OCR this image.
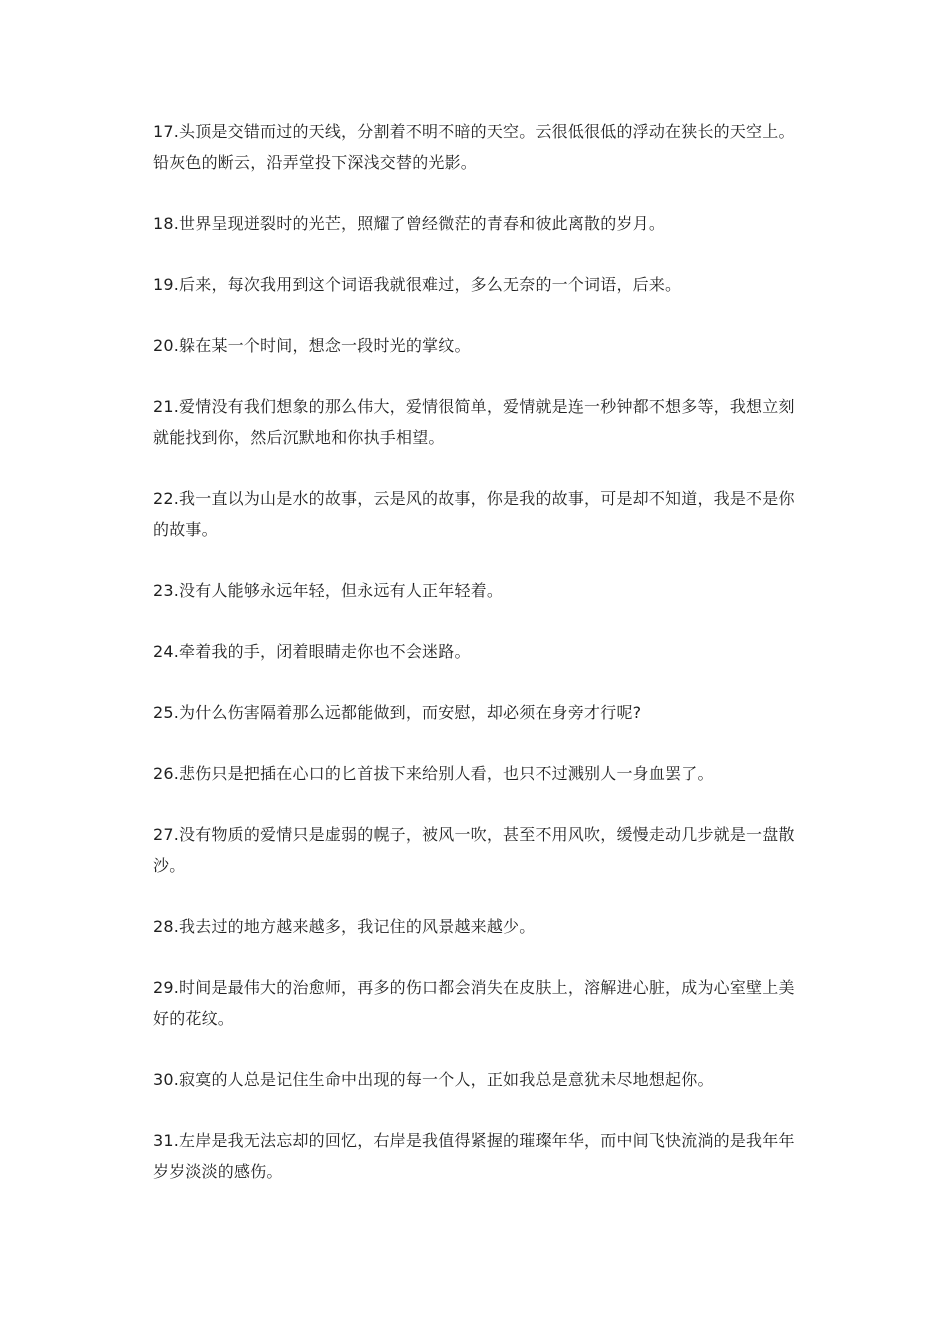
17.头顶是交错而过的天线，分割着不明不暗的天空。云很低很低的浮动在狭长的天空上。铅灰色的断云，沿弄堂投下深浅交替的光影。

18.世界呈现迸裂时的光芒，照耀了曾经微茫的青春和彼此离散的岁月。

19.后来，每次我用到这个词语我就很难过，多么无奈的一个词语，后来。

20.躲在某一个时间，想念一段时光的掌纹。

21.爱情没有我们想象的那么伟大，爱情很简单，爱情就是连一秒钟都不想多等，我想立刻就能找到你，然后沉默地和你执手相望。

22.我一直以为山是水的故事，云是风的故事，你是我的故事，可是却不知道，我是不是你的故事。

23.没有人能够永远年轻，但永远有人正年轻着。

24.牵着我的手，闭着眼睛走你也不会迷路。

25.为什么伤害隔着那么远都能做到，而安慰，却必须在身旁才行呢?

26.悲伤只是把插在心口的匕首拔下来给别人看，也只不过溅别人一身血罢了。

27.没有物质的爱情只是虚弱的幌子，被风一吹，甚至不用风吹，缓慢走动几步就是一盘散沙。

28.我去过的地方越来越多，我记住的风景越来越少。

29.时间是最伟大的治愈师，再多的伤口都会消失在皮肤上，溶解进心脏，成为心室壁上美好的花纹。

30.寂寞的人总是记住生命中出现的每一个人，正如我总是意犹未尽地想起你。

31.左岸是我无法忘却的回忆，右岸是我值得紧握的璀璨年华，而中间飞快流淌的是我年年岁岁淡淡的感伤。
